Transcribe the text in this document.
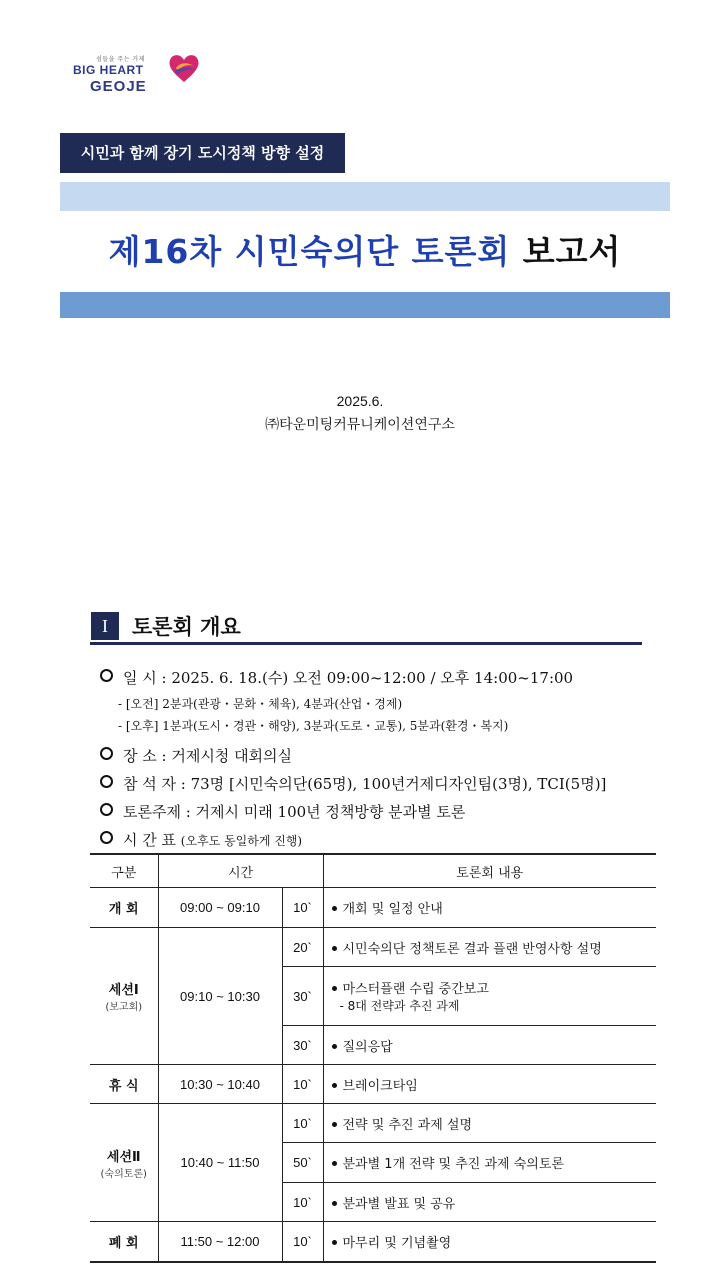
섬들을 주는 거제
BIG HEART
GEOJE
시민과 함께 장기 도시정책 방향 설정
제16차 시민숙의단 토론회 보고서
2025.6.
㈜타운미팅커뮤니케이션연구소
I	토론회 개요
일 시 : 2025. 6. 18.(수) 오전 09:00~12:00 / 오후 14:00~17:00
- [오전] 2분과(관광・문화・체육), 4분과(산업・경제)
- [오후] 1분과(도시・경관・해양), 3분과(도로・교통), 5분과(환경・복지)
장 소 : 거제시청 대회의실
참 석 자 : 73명 [시민숙의단(65명), 100년거제디자인팀(3명), TCI(5명)]
토론주제 : 거제시 미래 100년 정책방향 분과별 토론
시 간 표 (오후도 동일하게 진행)
구분	시간		토론회 내용
개 회	09:00 ~ 09:10	10`	개회 및 일정 안내

세션Ⅰ
(보고회)	09:10 ~ 10:30	20`	시민숙의단 정책토론 결과 플랜 반영사항 설명
		30`	마스터플랜 수립 중간보고
- 8대 전략과 추진 과제

		30`	질의응답
휴 식	10:30 ~ 10:40	10`	브레이크타임

세션Ⅱ
(숙의토론)	10:40 ~ 11:50	10`	전략 및 추진 과제 설명
		50`	분과별 1개 전략 및 추진 과제 숙의토론
		10`	분과별 발표 및 공유
폐 회	11:50 ~ 12:00	10`	마무리 및 기념촬영
